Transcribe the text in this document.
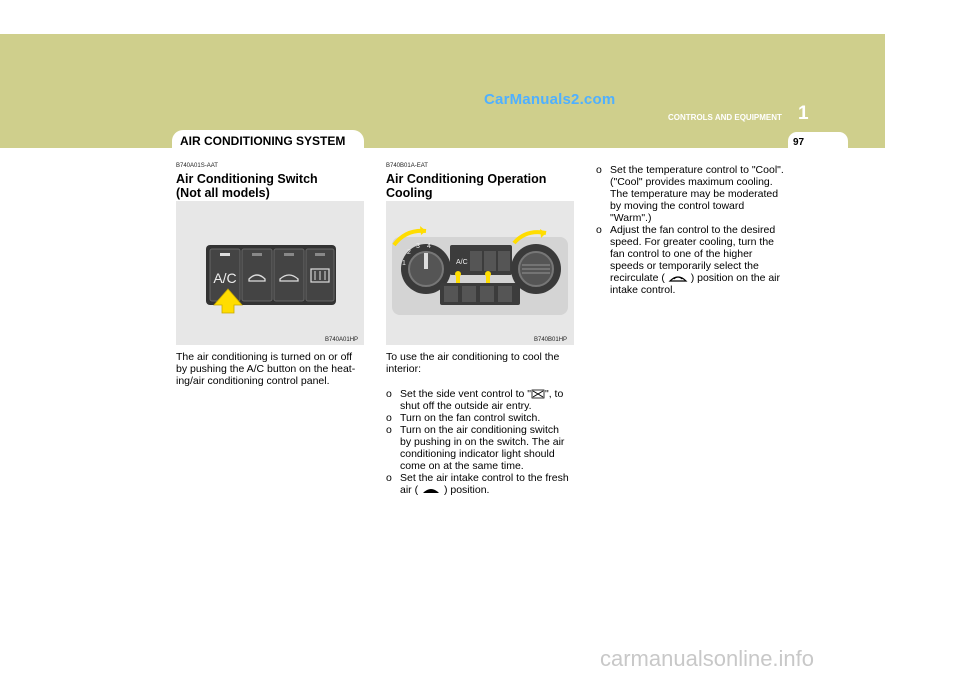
CarManuals2.com
1
CONTROLS AND EQUIPMENT
97
AIR CONDITIONING SYSTEM
B740A01S-AAT
Air Conditioning Switch
(Not all models)
A/C
B740A01HP
The air conditioning is turned on or off
by pushing the A/C button on the heat-
ing/air conditioning control panel.
B740B01A-EAT
Air Conditioning Operation
Cooling
1
2
3 4
A/C
B740B01HP
To use the air conditioning to cool the
interior:
o Set the side vent control to " ", to
shut off the outside air entry.
o Turn on the fan control switch.
o Turn on the air conditioning switch
by pushing in on the switch. The air
conditioning indicator light should
come on at the same time.
o Set the air intake control to the fresh
air ( ) position.
o Set the temperature control to "Cool".
("Cool" provides maximum cooling.
The temperature may be moderated
by moving the control toward
"Warm".)
o Adjust the fan control to the desired
speed. For greater cooling, turn the
fan control to one of the higher
speeds or temporarily select the
recirculate ( ) position on the air
intake control.
carmanualsonline.info
